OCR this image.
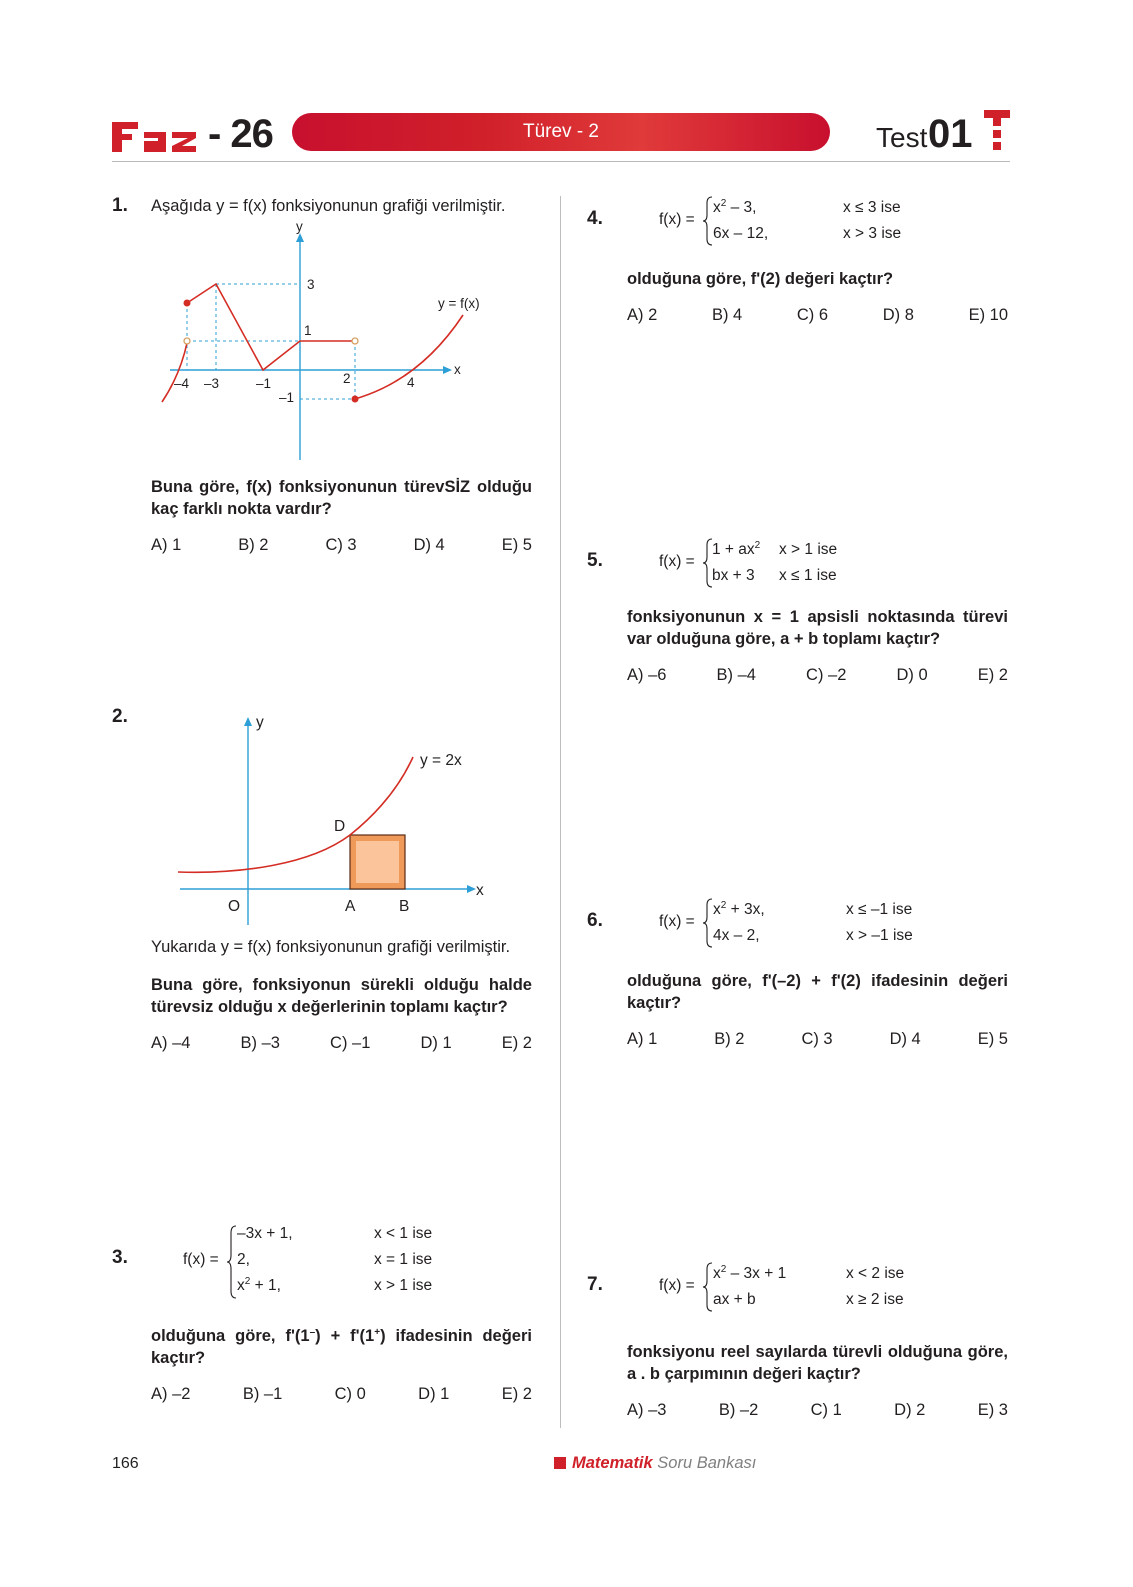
- 26	Türev - 2	Test 01
1. Aşağıda y = f(x) fonksiyonunun grafiği verilmiştir.
y
x
3
1
–1
–4 –3	–1	2	4
y = f(x)
Buna göre, f(x) fonksiyonunun türevSİZ olduğu kaç farklı nokta vardır?
A) 1	B) 2	C) 3	D) 4	E) 5
2.	y
x
y = 2x
D
O	A	B
Yukarıda y = f(x) fonksiyonunun grafiği verilmiştir.
Buna göre, fonksiyonun sürekli olduğu halde türevsiz olduğu x değerlerinin toplamı kaçtır?
A) –4	B) –3	C) –1	D) 1	E) 2
3.	f(x) =
–3x + 1,	x < 1 ise
2,	x = 1 ise
$x^2 + 1$,	x > 1 ise
olduğuna göre, f'(1–) + f'(1+) ifadesinin değeri kaçtır?
A) –2	B) –1	C) 0	D) 1	E) 2
4.	f(x) =
$x^2 - 3$,	x ≤ 3 ise
6x – 12,	x > 3 ise
olduğuna göre, f'(2) değeri kaçtır?
A) 2	B) 4	C) 6	D) 8	E) 10
5.	f(x) =
$1 + ax^2$ x > 1 ise
bx + 3 x ≤ 1 ise
fonksiyonunun x = 1 apsisli noktasında türevi var olduğuna göre, a + b toplamı kaçtır?
A) –6	B) –4	C) –2	D) 0	E) 2
6.	f(x) =
$x^2 + 3x$,	x ≤ –1 ise
4x – 2,	x > –1 ise
olduğuna göre, f'(–2) + f'(2) ifadesinin değeri kaçtır?
A) 1	B) 2	C) 3	D) 4	E) 5
7.	f(x) =
$x^2 - 3x + 1$	x < 2 ise
ax + b	x ≥ 2 ise
fonksiyonu reel sayılarda türevli olduğuna göre, a . b çarpımının değeri kaçtır?
A) –3	B) –2	C) 1	D) 2	E) 3
166	Matematik Soru Bankası
